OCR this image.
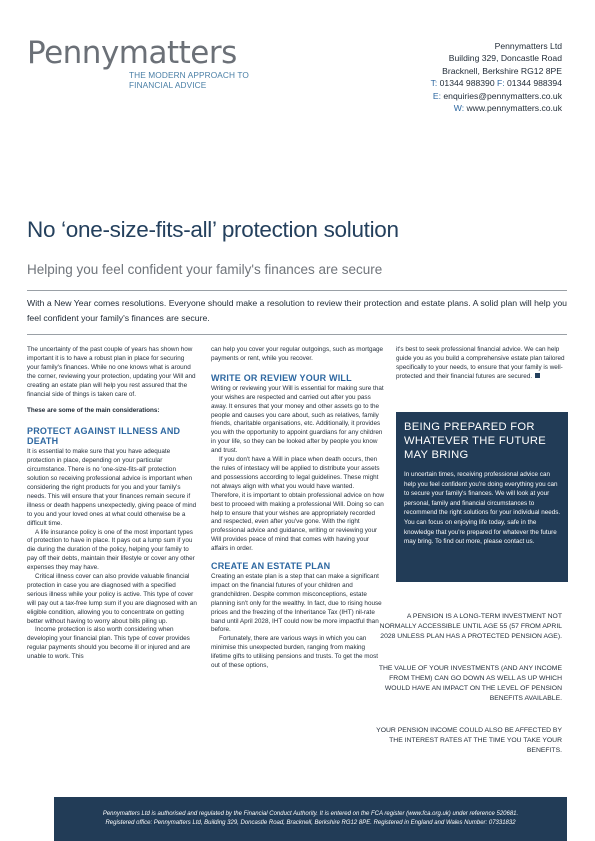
Pennymatters
THE MODERN APPROACH TO
FINANCIAL ADVICE
Pennymatters Ltd
Building 329, Doncastle Road
Bracknell, Berkshire RG12 8PE
T: 01344 988390 F: 01344 988394
E: enquiries@pennymatters.co.uk
W: www.pennymatters.co.uk
No ‘one-size-fits-all’ protection solution
Helping you feel confident your family's finances are secure
With a New Year comes resolutions. Everyone should make a resolution to review their protection and estate plans. A solid plan will help you feel confident your family's finances are secure.

The uncertainty of the past couple of years has shown how important it is to have a robust plan in place for securing your family's finances. While no one knows what is around the corner, reviewing your protection, updating your Will and creating an estate plan will help you rest assured that the financial side of things is taken care of.

These are some of the main considerations:

PROTECT AGAINST ILLNESS AND DEATH

It is essential to make sure that you have adequate protection in place, depending on your particular circumstance. There is no 'one-size-fits-all' protection solution so receiving professional advice is important when considering the right products for you and your family's needs. This will ensure that your finances remain secure if illness or death happens unexpectedly, giving peace of mind to you and your loved ones at what could otherwise be a difficult time.

A life insurance policy is one of the most important types of protection to have in place. It pays out a lump sum if you die during the duration of the policy, helping your family to pay off their debts, maintain their lifestyle or cover any other expenses they may have.

Critical illness cover can also provide valuable financial protection in case you are diagnosed with a specified serious illness while your policy is active. This type of cover will pay out a tax-free lump sum if you are diagnosed with an eligible condition, allowing you to concentrate on getting better without having to worry about bills piling up.

Income protection is also worth considering when developing your financial plan. This type of cover provides regular payments should you become ill or injured and are unable to work. This

can help you cover your regular outgoings, such as mortgage payments or rent, while you recover.

WRITE OR REVIEW YOUR WILL

Writing or reviewing your Will is essential for making sure that your wishes are respected and carried out after you pass away. It ensures that your money and other assets go to the people and causes you care about, such as relatives, family friends, charitable organisations, etc. Additionally, it provides you with the opportunity to appoint guardians for any children in your life, so they can be looked after by people you know and trust.

If you don't have a Will in place when death occurs, then the rules of intestacy will be applied to distribute your assets and possessions according to legal guidelines. These might not always align with what you would have wanted. Therefore, it is important to obtain professional advice on how best to proceed with making a professional Will. Doing so can help to ensure that your wishes are appropriately recorded and respected, even after you've gone. With the right professional advice and guidance, writing or reviewing your Will provides peace of mind that comes with having your affairs in order.

CREATE AN ESTATE PLAN

Creating an estate plan is a step that can make a significant impact on the financial futures of your children and grandchildren. Despite common misconceptions, estate planning isn't only for the wealthy. In fact, due to rising house prices and the freezing of the Inheritance Tax (IHT) nil-rate band until April 2028, IHT could now be more impactful than before.

Fortunately, there are various ways in which you can minimise this unexpected burden, ranging from making lifetime gifts to utilising pensions and trusts. To get the most out of these options,

it's best to seek professional financial advice. We can help guide you as you build a comprehensive estate plan tailored specifically to your needs, to ensure that your family is well-protected and their financial futures are secured.

BEING PREPARED FOR WHATEVER THE FUTURE MAY BRING
In uncertain times, receiving professional advice can help you feel confident you're doing everything you can to secure your family's finances. We will look at your personal, family and financial circumstances to recommend the right solutions for your individual needs. You can focus on enjoying life today, safe in the knowledge that you're prepared for whatever the future may bring. To find out more, please contact us.
A PENSION IS A LONG-TERM INVESTMENT NOT NORMALLY ACCESSIBLE UNTIL AGE 55 (57 FROM APRIL 2028 UNLESS PLAN HAS A PROTECTED PENSION AGE).
THE VALUE OF YOUR INVESTMENTS (AND ANY INCOME FROM THEM) CAN GO DOWN AS WELL AS UP WHICH WOULD HAVE AN IMPACT ON THE LEVEL OF PENSION BENEFITS AVAILABLE.
YOUR PENSION INCOME COULD ALSO BE AFFECTED BY THE INTEREST RATES AT THE TIME YOU TAKE YOUR BENEFITS.

Pennymatters Ltd is authorised and regulated by the Financial Conduct Authority. It is entered on the FCA register (www.fca.org.uk) under reference 520681.

Registered office: Pennymatters Ltd, Building 329, Doncastle Road, Bracknell, Berkshire RG12 8PE. Registered in England and Wales Number: 07331832
